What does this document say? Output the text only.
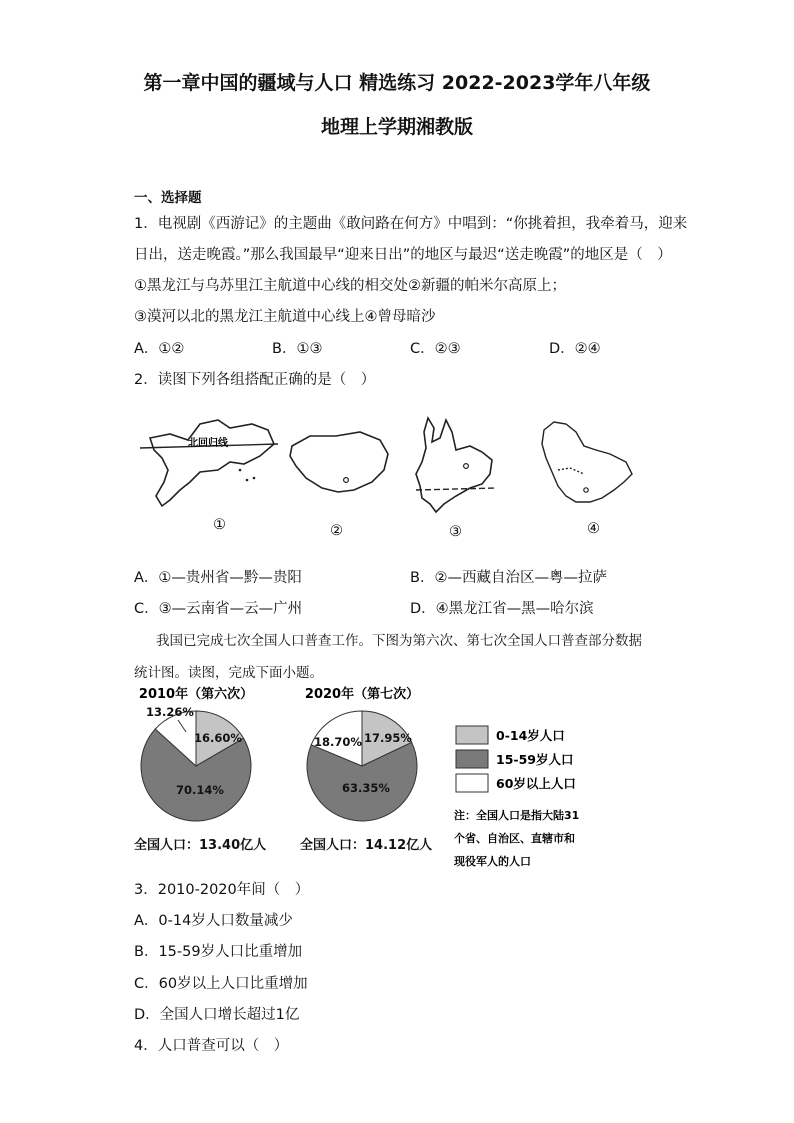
第一章中国的疆域与人口 精选练习 2022-2023学年八年级
地理上学期湘教版
一、选择题
1．电视剧《西游记》的主题曲《敢问路在何方》中唱到：“你挑着担，我牵着马，迎来
日出，送走晚霞。”那么我国最早“迎来日出”的地区与最迟“送走晚霞”的地区是（　）
①黑龙江与乌苏里江主航道中心线的相交处②新疆的帕米尔高原上；
③漠河以北的黑龙江主航道中心线上④曾母暗沙
A．①②	B．①③	C．②③	D．②④
2．读图下列各组搭配正确的是（　）
北回归线
①	②	③	④
A．①—贵州省—黔—贵阳	B．②—西藏自治区—粤—拉萨
C．③—云南省—云—广州	D．④黑龙江省—黑—哈尔滨
我国已完成七次全国人口普查工作。下图为第六次、第七次全国人口普查部分数据
统计图。读图，完成下面小题。
2010年（第六次）	2020年（第七次）
16.60%
70.14%
13.26%
17.95%
63.35%
18.70%	0-14岁人口
15-59岁人口
60岁以上人口
注：全国人口是指大陆31
个省、自治区、直辖市和
现役军人的人口
全国人口：13.40亿人	全国人口：14.12亿人
3．2010-2020年间（　）
A．0-14岁人口数量减少
B．15-59岁人口比重增加
C．60岁以上人口比重增加
D．全国人口增长超过1亿
4．人口普查可以（　）
